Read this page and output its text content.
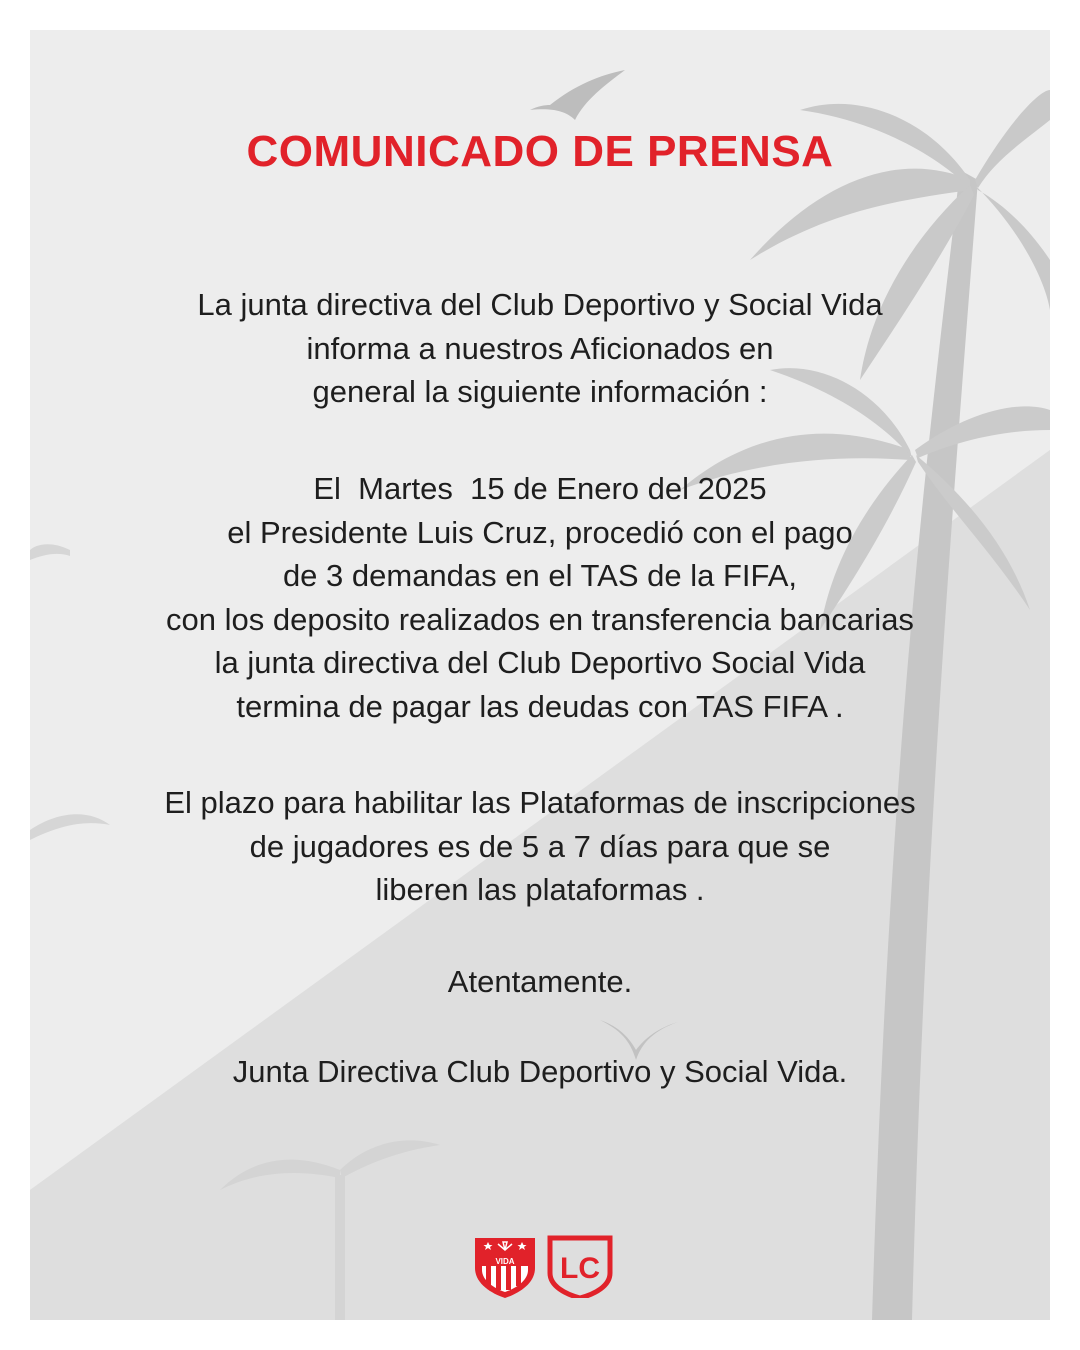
COMUNICADO DE PRENSA
La junta directiva del Club Deportivo y Social Vida
informa a nuestros Aficionados en
general la siguiente información :
El  Martes  15 de Enero del 2025
el Presidente Luis Cruz, procedió con el pago
de 3 demandas en el TAS de la FIFA,
con los deposito realizados en transferencia bancarias
la junta directiva del Club Deportivo Social Vida
termina de pagar las deudas con TAS FIFA .
El plazo para habilitar las Plataformas de inscripciones
de jugadores es de 5 a 7 días para que se
liberen las plataformas .
Atentamente.
Junta Directiva Club Deportivo y Social Vida.
VIDA LC
